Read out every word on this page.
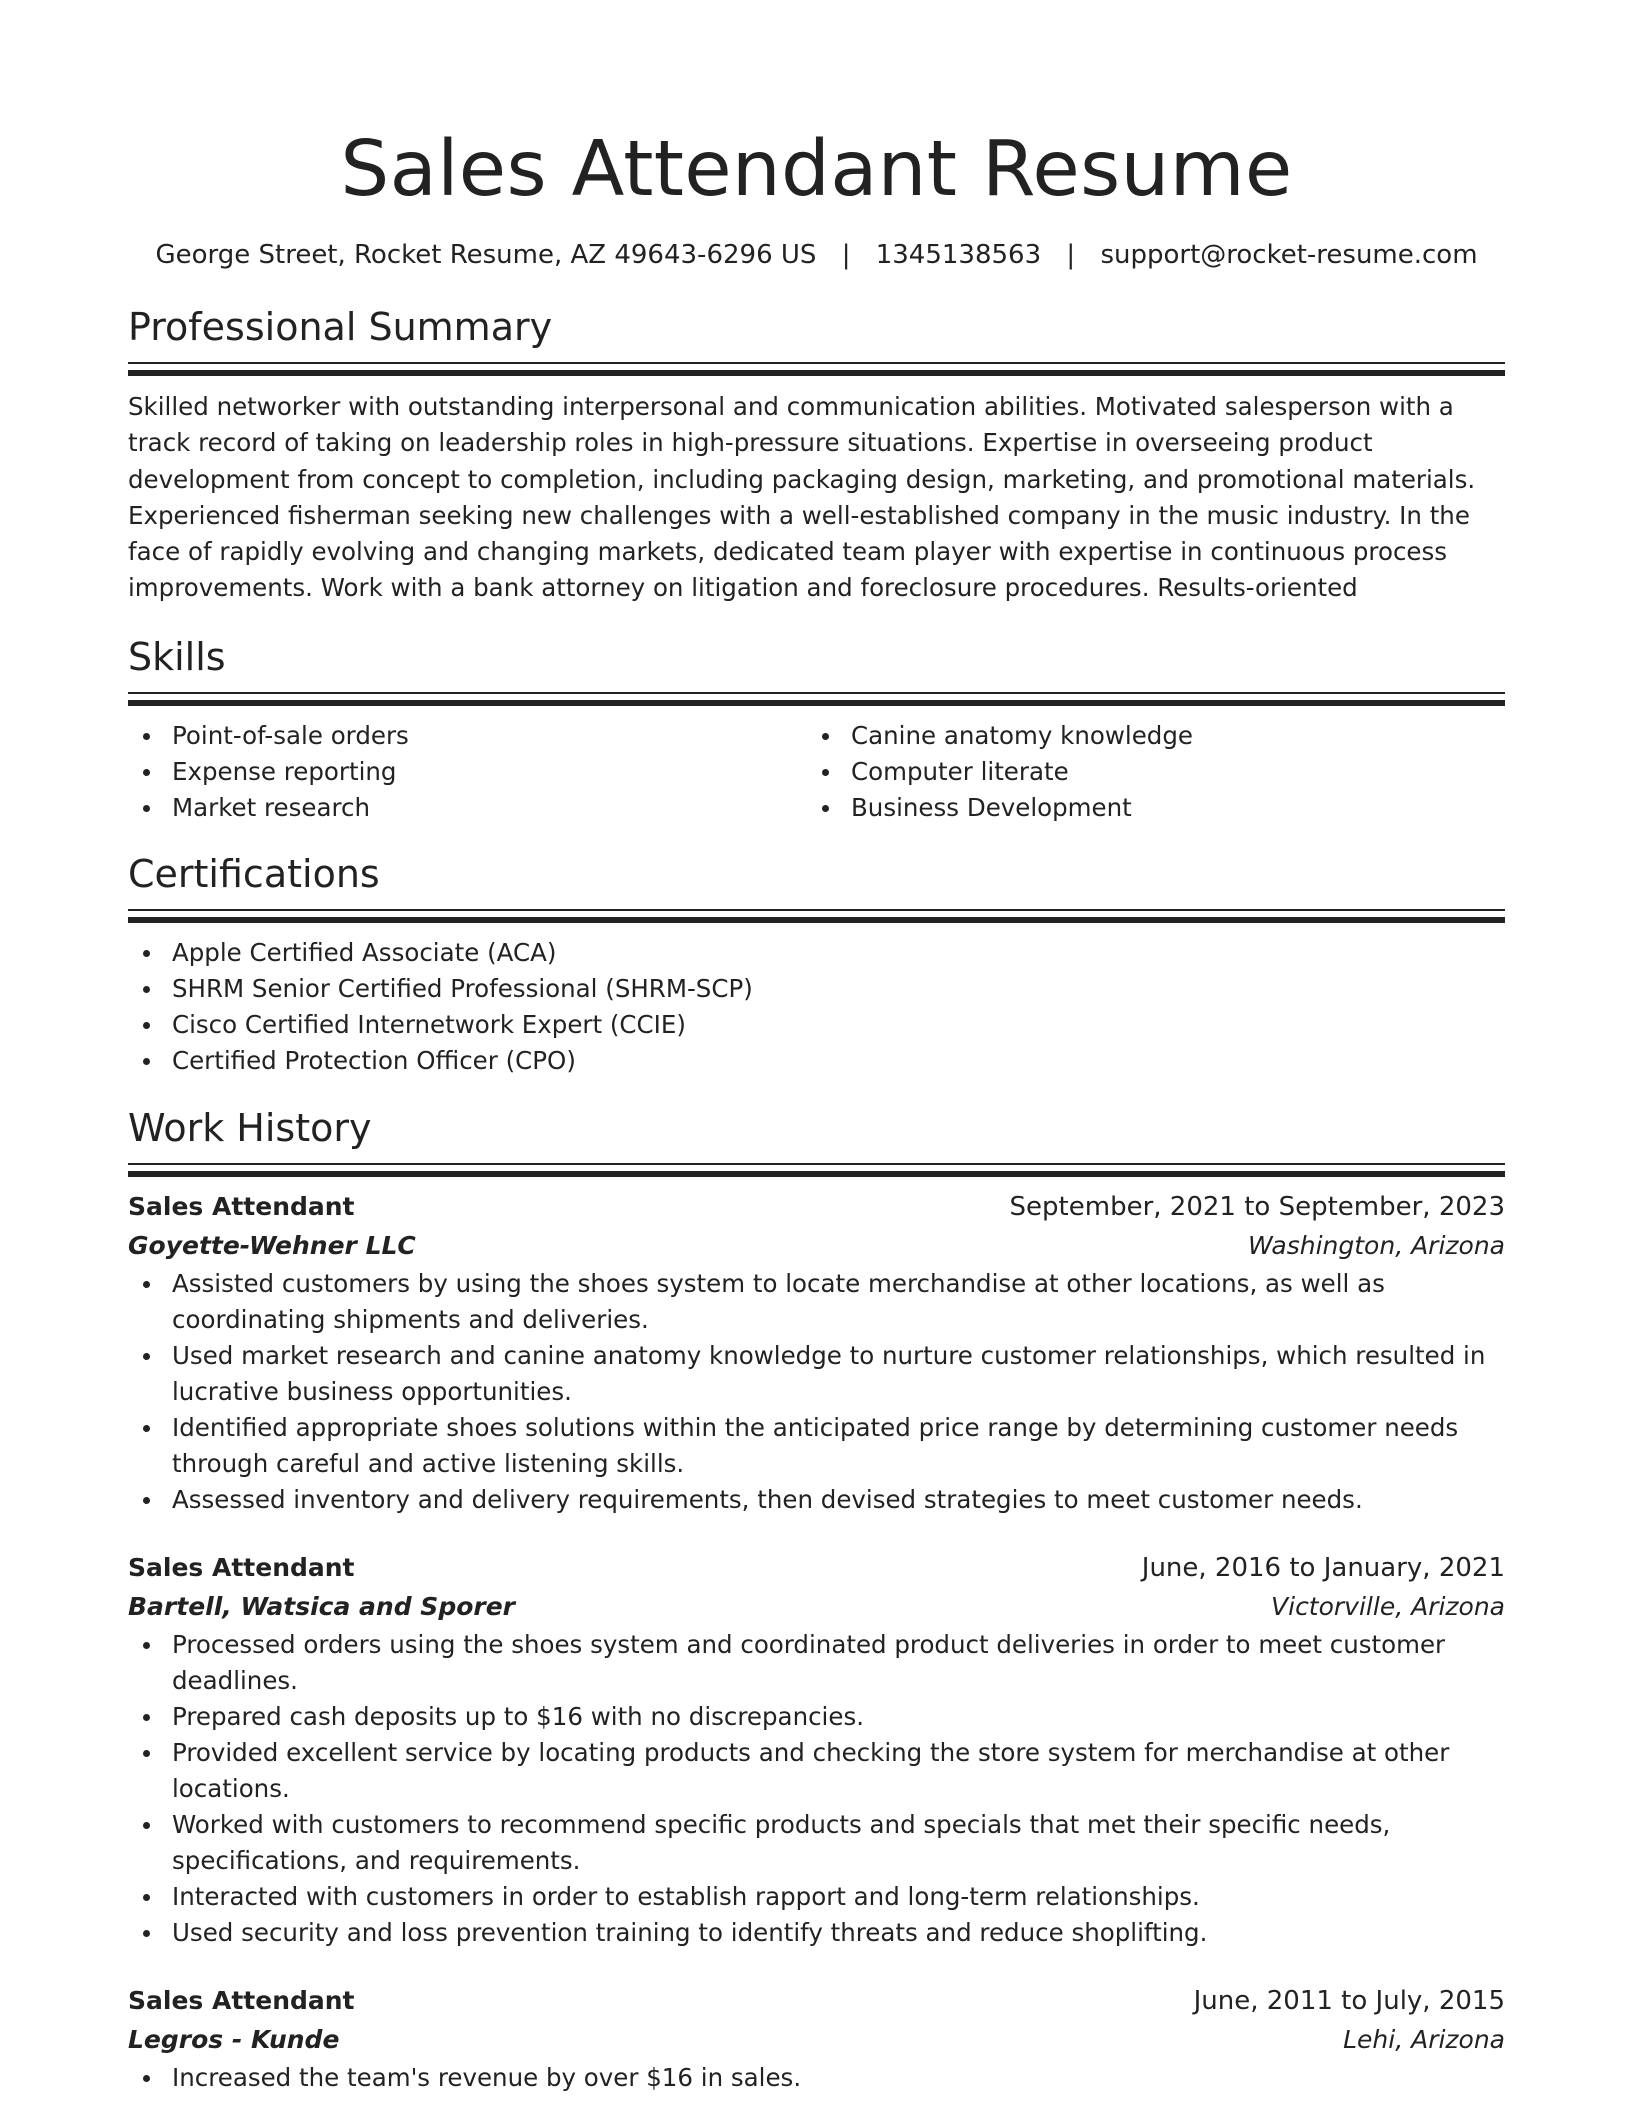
Sales Attendant Resume
George Street, Rocket Resume, AZ 49643-6296 US | 1345138563 | support@rocket-resume.com
Professional Summary

Skilled networker with outstanding interpersonal and communication abilities. Motivated salesperson with a track record of taking on leadership roles in high-pressure situations. Expertise in overseeing product development from concept to completion, including packaging design, marketing, and promotional materials. Experienced fisherman seeking new challenges with a well-established company in the music industry. In the face of rapidly evolving and changing markets, dedicated team player with expertise in continuous process improvements. Work with a bank attorney on litigation and foreclosure procedures. Results-oriented

Skills
Point-of-sale orders
Expense reporting
Market research
Canine anatomy knowledge
Computer literate
Business Development
Certifications
Apple Certified Associate (ACA)
SHRM Senior Certified Professional (SHRM-SCP)
Cisco Certified Internetwork Expert (CCIE)
Certified Protection Officer (CPO)
Work History
Sales Attendant	September, 2021 to September, 2023
Goyette-Wehner LLC	Washington, Arizona
Assisted customers by using the shoes system to locate merchandise at other locations, as well as coordinating shipments and deliveries.
Used market research and canine anatomy knowledge to nurture customer relationships, which resulted in lucrative business opportunities.
Identified appropriate shoes solutions within the anticipated price range by determining customer needs through careful and active listening skills.
Assessed inventory and delivery requirements, then devised strategies to meet customer needs.
Sales Attendant	June, 2016 to January, 2021
Bartell, Watsica and Sporer	Victorville, Arizona
Processed orders using the shoes system and coordinated product deliveries in order to meet customer deadlines.
Prepared cash deposits up to $16 with no discrepancies.
Provided excellent service by locating products and checking the store system for merchandise at other locations.
Worked with customers to recommend specific products and specials that met their specific needs, specifications, and requirements.
Interacted with customers in order to establish rapport and long-term relationships.
Used security and loss prevention training to identify threats and reduce shoplifting.
Sales Attendant	June, 2011 to July, 2015
Legros - Kunde	Lehi, Arizona
Increased the team's revenue by over $16 in sales.
